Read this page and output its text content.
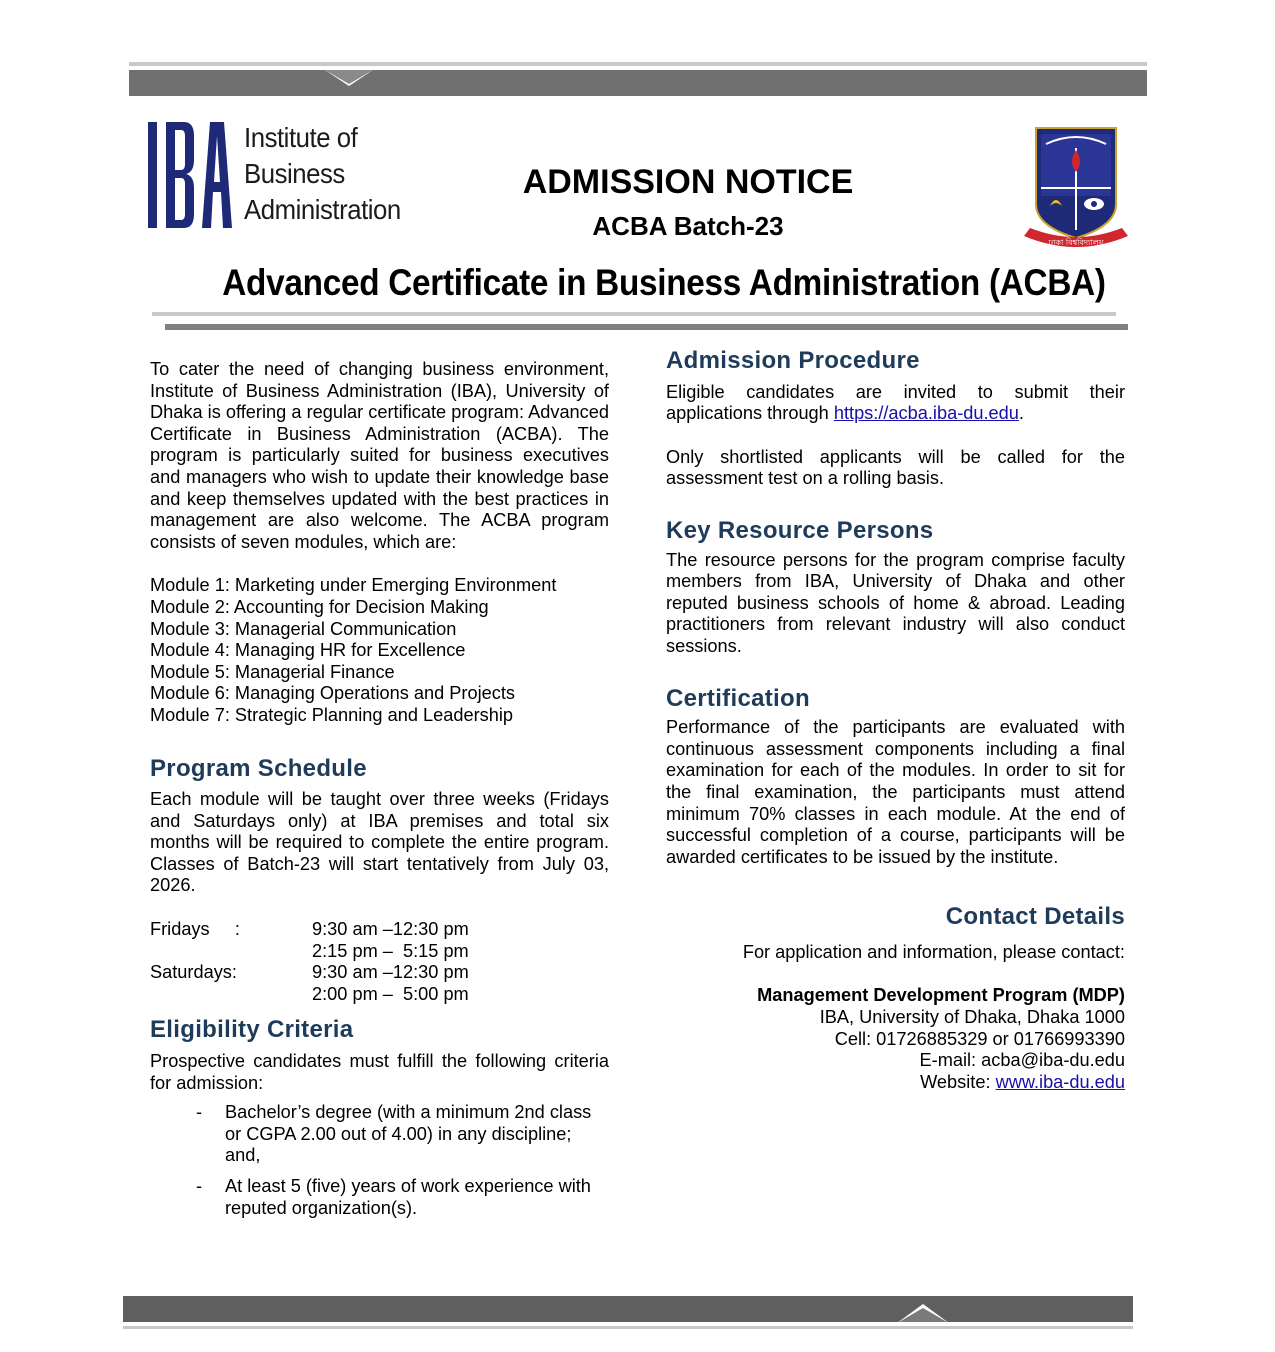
Institute of
Business
Administration
ADMISSION NOTICE
ACBA Batch-23
ঢাকা বিশ্ববিদ্যালয়
Advanced Certificate in Business Administration (ACBA)

To cater the need of changing business environment, Institute of Business Administration (IBA), University of Dhaka is offering a regular certificate program: Advanced Certificate in Business Administration (ACBA). The program is particularly suited for business executives and managers who wish to update their knowledge base and keep themselves updated with the best practices in management are also welcome. The ACBA program consists of seven modules, which are:

Module 1: Marketing under Emerging Environment

Module 2: Accounting for Decision Making

Module 3: Managerial Communication

Module 4: Managing HR for Excellence

Module 5: Managerial Finance

Module 6: Managing Operations and Projects

Module 7: Strategic Planning and Leadership

Program Schedule

Each module will be taught over three weeks (Fridays and Saturdays only) at IBA premises and total six months will be required to complete the entire program. Classes of Batch-23 will start tentatively from July 03, 2026.

Fridays     :	9:30 am –12:30 pm
2:15 pm –  5:15 pm
Saturdays:	9:30 am –12:30 pm
2:00 pm –  5:00 pm
Eligibility Criteria

Prospective candidates must fulfill the following criteria for admission:

- Bachelor’s degree (with a minimum 2nd class or CGPA 2.00 out of 4.00) in any discipline; and,
- At least 5 (five) years of work experience with reputed organization(s).
Admission Procedure

Eligible candidates are invited to submit their applications through https://acba.iba-du.edu.

Only shortlisted applicants will be called for the assessment test on a rolling basis.

Key Resource Persons

The resource persons for the program comprise faculty members from IBA, University of Dhaka and other reputed business schools of home & abroad. Leading practitioners from relevant industry will also conduct sessions.

Certification

Performance of the participants are evaluated with continuous assessment components including a final examination for each of the modules. In order to sit for the final examination, the participants must attend minimum 70% classes in each module. At the end of successful completion of a course, participants will be awarded certificates to be issued by the institute.

Contact Details

For application and information, please contact:

Management Development Program (MDP)

IBA, University of Dhaka, Dhaka 1000

Cell: 01726885329 or 01766993390

E-mail: acba@iba-du.edu

Website: www.iba-du.edu
